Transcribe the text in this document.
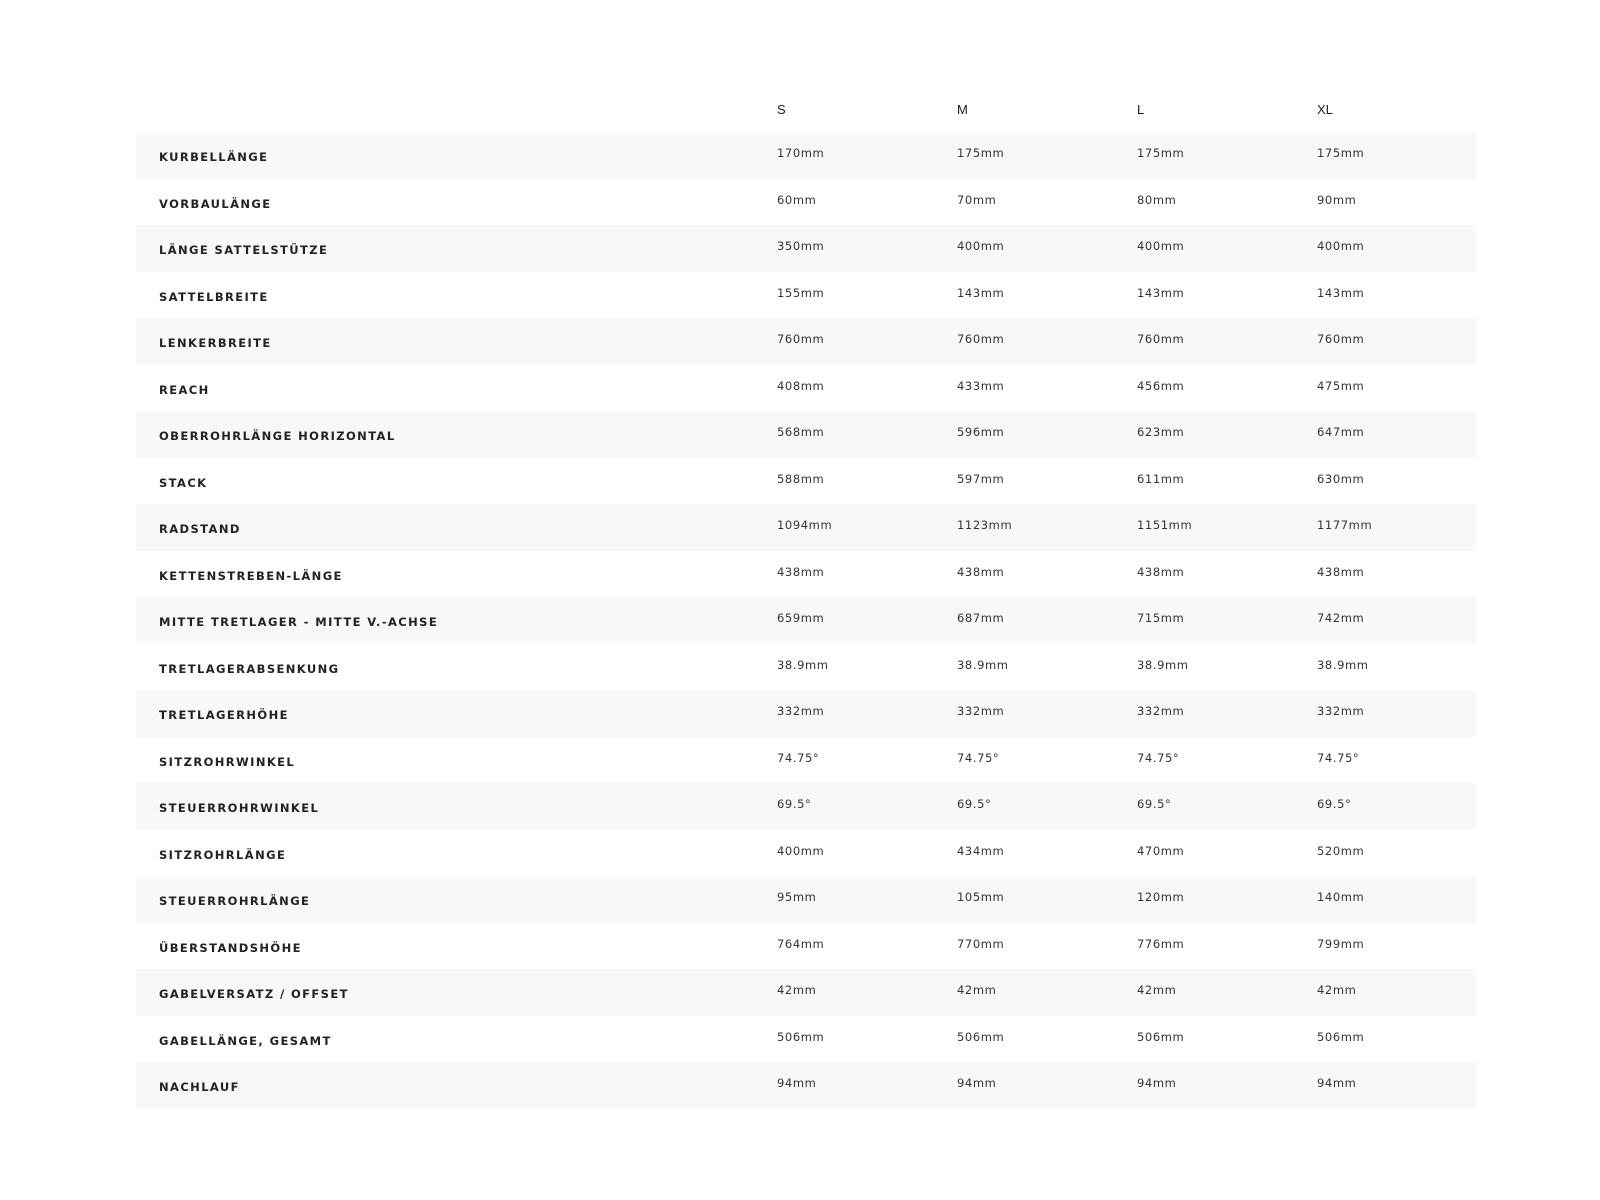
S	M	L	XL
KURBELLÄNGE	170mm	175mm	175mm	175mm
VORBAULÄNGE	60mm	70mm	80mm	90mm
LÄNGE SATTELSTÜTZE	350mm	400mm	400mm	400mm
SATTELBREITE	155mm	143mm	143mm	143mm
LENKERBREITE	760mm	760mm	760mm	760mm
REACH	408mm	433mm	456mm	475mm
OBERROHRLÄNGE HORIZONTAL	568mm	596mm	623mm	647mm
STACK	588mm	597mm	611mm	630mm
RADSTAND	1094mm	1123mm	1151mm	1177mm
KETTENSTREBEN-LÄNGE	438mm	438mm	438mm	438mm
MITTE TRETLAGER - MITTE V.-ACHSE	659mm	687mm	715mm	742mm
TRETLAGERABSENKUNG	38.9mm	38.9mm	38.9mm	38.9mm
TRETLAGERHÖHE	332mm	332mm	332mm	332mm
SITZROHRWINKEL	74.75°	74.75°	74.75°	74.75°
STEUERROHRWINKEL	69.5°	69.5°	69.5°	69.5°
SITZROHRLÄNGE	400mm	434mm	470mm	520mm
STEUERROHRLÄNGE	95mm	105mm	120mm	140mm
ÜBERSTANDSHÖHE	764mm	770mm	776mm	799mm
GABELVERSATZ / OFFSET	42mm	42mm	42mm	42mm
GABELLÄNGE, GESAMT	506mm	506mm	506mm	506mm
NACHLAUF	94mm	94mm	94mm	94mm
